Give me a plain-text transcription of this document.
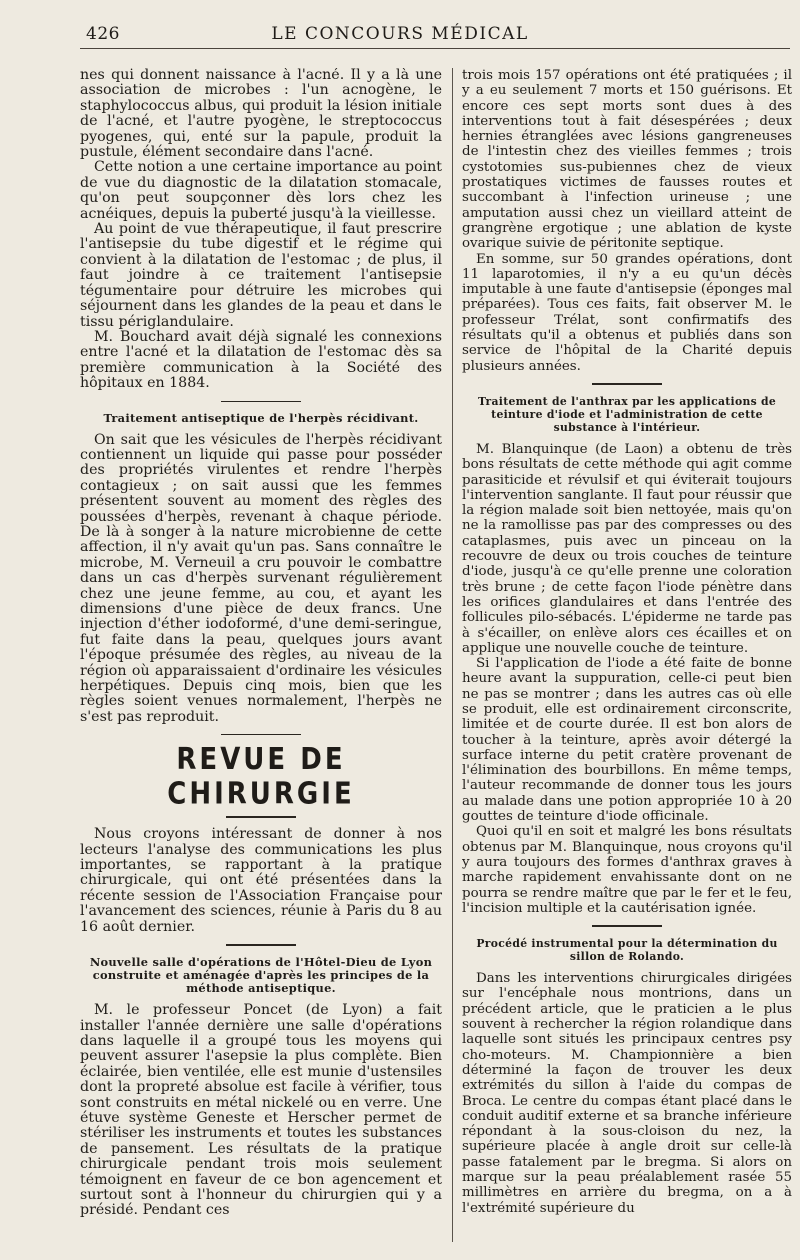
426	LE CONCOURS MÉDICAL

nes qui donnent naissance à l'acné. Il y a là une association de microbes : l'un acnogène, le staphylococcus albus, qui produit la lésion initiale de l'acné, et l'autre pyogène, le streptococcus pyogenes, qui, enté sur la papule, produit la pustule, élément secondaire dans l'acné.

Cette notion a une certaine importance au point de vue du diagnostic de la dilatation stomacale, qu'on peut soupçonner dès lors chez les acnéiques, depuis la puberté jusqu'à la vieillesse.

Au point de vue thérapeutique, il faut prescrire l'antisepsie du tube digestif et le régime qui convient à la dilatation de l'estomac ; de plus, il faut joindre à ce traitement l'antisepsie tégumentaire pour détruire les microbes qui séjournent dans les glandes de la peau et dans le tissu périglandulaire.

M. Bouchard avait déjà signalé les connexions entre l'acné et la dilatation de l'estomac dès sa première communication à la Société des hôpitaux en 1884.

Traitement antiseptique de l'herpès récidivant.

On sait que les vésicules de l'herpès récidivant contiennent un liquide qui passe pour posséder des propriétés virulentes et rendre l'herpès contagieux ; on sait aussi que les femmes présentent souvent au moment des règles des poussées d'herpès, revenant à chaque période. De là à songer à la nature microbienne de cette affection, il n'y avait qu'un pas. Sans connaître le microbe, M. Verneuil a cru pouvoir le combattre dans un cas d'herpès survenant régulièrement chez une jeune femme, au cou, et ayant les dimensions d'une pièce de deux francs. Une injection d'éther iodoformé, d'une demi-seringue, fut faite dans la peau, quelques jours avant l'époque présumée des règles, au niveau de la région où apparaissaient d'ordinaire les vésicules herpétiques. Depuis cinq mois, bien que les règles soient venues normalement, l'herpès ne s'est pas reproduit.

REVUE DE CHIRURGIE

Nous croyons intéressant de donner à nos lecteurs l'analyse des communications les plus importantes, se rapportant à la pratique chirurgicale, qui ont été présentées dans la récente session de l'Association Française pour l'avancement des sciences, réunie à Paris du 8 au 16 août dernier.

Nouvelle salle d'opérations de l'Hôtel-Dieu de Lyon construite et aménagée d'après les principes de la méthode antiseptique.

M. le professeur Poncet (de Lyon) a fait installer l'année dernière une salle d'opérations dans laquelle il a groupé tous les moyens qui peuvent assurer l'asepsie la plus complète. Bien éclairée, bien ventilée, elle est munie d'ustensiles dont la propreté absolue est facile à vérifier, tous sont construits en métal nickelé ou en verre. Une étuve système Geneste et Herscher permet de stériliser les instruments et toutes les substances de pansement. Les résultats de la pratique chirurgicale pendant trois mois seulement témoignent en faveur de ce bon agencement et surtout sont à l'honneur du chirurgien qui y a présidé. Pendant ces

trois mois 157 opérations ont été pratiquées ; il y a eu seulement 7 morts et 150 guérisons. Et encore ces sept morts sont dues à des interventions tout à fait désespérées ; deux hernies étranglées avec lésions gangreneuses de l'intestin chez des vieilles femmes ; trois cystotomies sus-pubiennes chez de vieux prostatiques victimes de fausses routes et succombant à l'infection urineuse ; une amputation aussi chez un vieillard atteint de grangrène ergotique ; une ablation de kyste ovarique suivie de péritonite septique.

En somme, sur 50 grandes opérations, dont 11 laparotomies, il n'y a eu qu'un décès imputable à une faute d'antisepsie (éponges mal préparées). Tous ces faits, fait observer M. le professeur Trélat, sont confirmatifs des résultats qu'il a obtenus et publiés dans son service de l'hôpital de la Charité depuis plusieurs années.

Traitement de l'anthrax par les applications de teinture d'iode et l'administration de cette substance à l'intérieur.

M. Blanquinque (de Laon) a obtenu de très bons résultats de cette méthode qui agit comme parasiticide et révulsif et qui éviterait toujours l'intervention sanglante. Il faut pour réussir que la région malade soit bien nettoyée, mais qu'on ne la ramollisse pas par des compresses ou des cataplasmes, puis avec un pinceau on la recouvre de deux ou trois couches de teinture d'iode, jusqu'à ce qu'elle prenne une coloration très brune ; de cette façon l'iode pénètre dans les orifices glandulaires et dans l'entrée des follicules pilo-sébacés. L'épiderme ne tarde pas à s'écailler, on enlève alors ces écailles et on applique une nouvelle couche de teinture.

Si l'application de l'iode a été faite de bonne heure avant la suppuration, celle-ci peut bien ne pas se montrer ; dans les autres cas où elle se produit, elle est ordinairement circonscrite, limitée et de courte durée. Il est bon alors de toucher à la teinture, après avoir détergé la surface interne du petit cratère provenant de l'élimination des bourbillons. En même temps, l'auteur recommande de donner tous les jours au malade dans une potion appropriée 10 à 20 gouttes de teinture d'iode officinale.

Quoi qu'il en soit et malgré les bons résultats obtenus par M. Blanquinque, nous croyons qu'il y aura toujours des formes d'anthrax graves à marche rapidement envahissante dont on ne pourra se rendre maître que par le fer et le feu, l'incision multiple et la cautérisation ignée.

Procédé instrumental pour la détermination du sillon de Rolando.

Dans les interventions chirurgicales dirigées sur l'encéphale nous montrions, dans un précédent article, que le praticien a le plus souvent à rechercher la région rolandique dans laquelle sont situés les principaux centres psy cho-moteurs. M. Championnière a bien déterminé la façon de trouver les deux extrémités du sillon à l'aide du compas de Broca. Le centre du compas étant placé dans le conduit auditif externe et sa branche inférieure répondant à la sous-cloison du nez, la supérieure placée à angle droit sur celle-là passe fatalement par le bregma. Si alors on marque sur la peau préalablement rasée 55 millimètres en arrière du bregma, on a à l'extrémité supérieure du
